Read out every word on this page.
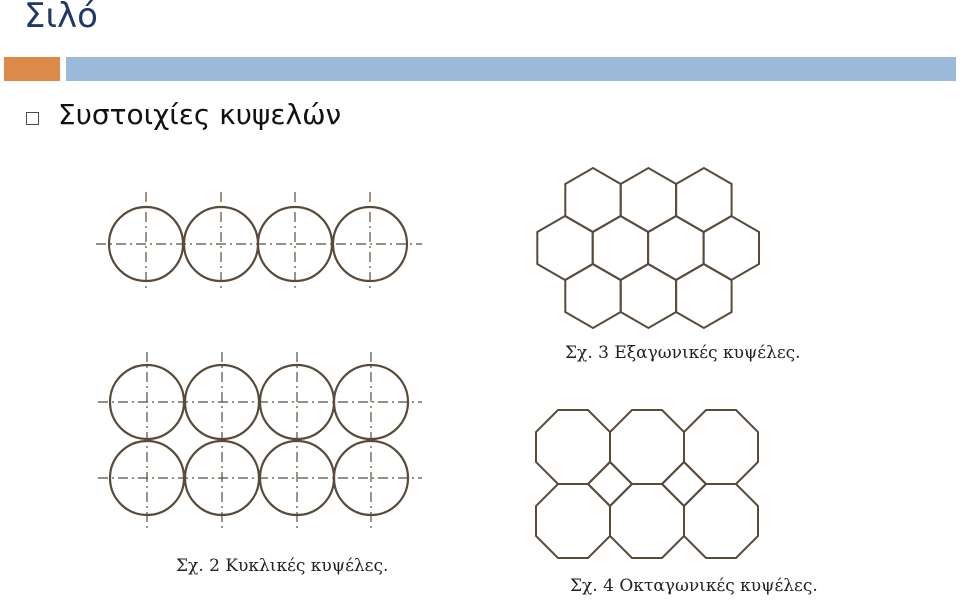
Σιλό
Συστοιχίες κυψελών
Σχ. 2 Κυκλικές κυψέλες.
Σχ. 3 Εξαγωνικές κυψέλες.
Σχ. 4 Οκταγωνικές κυψέλες.
